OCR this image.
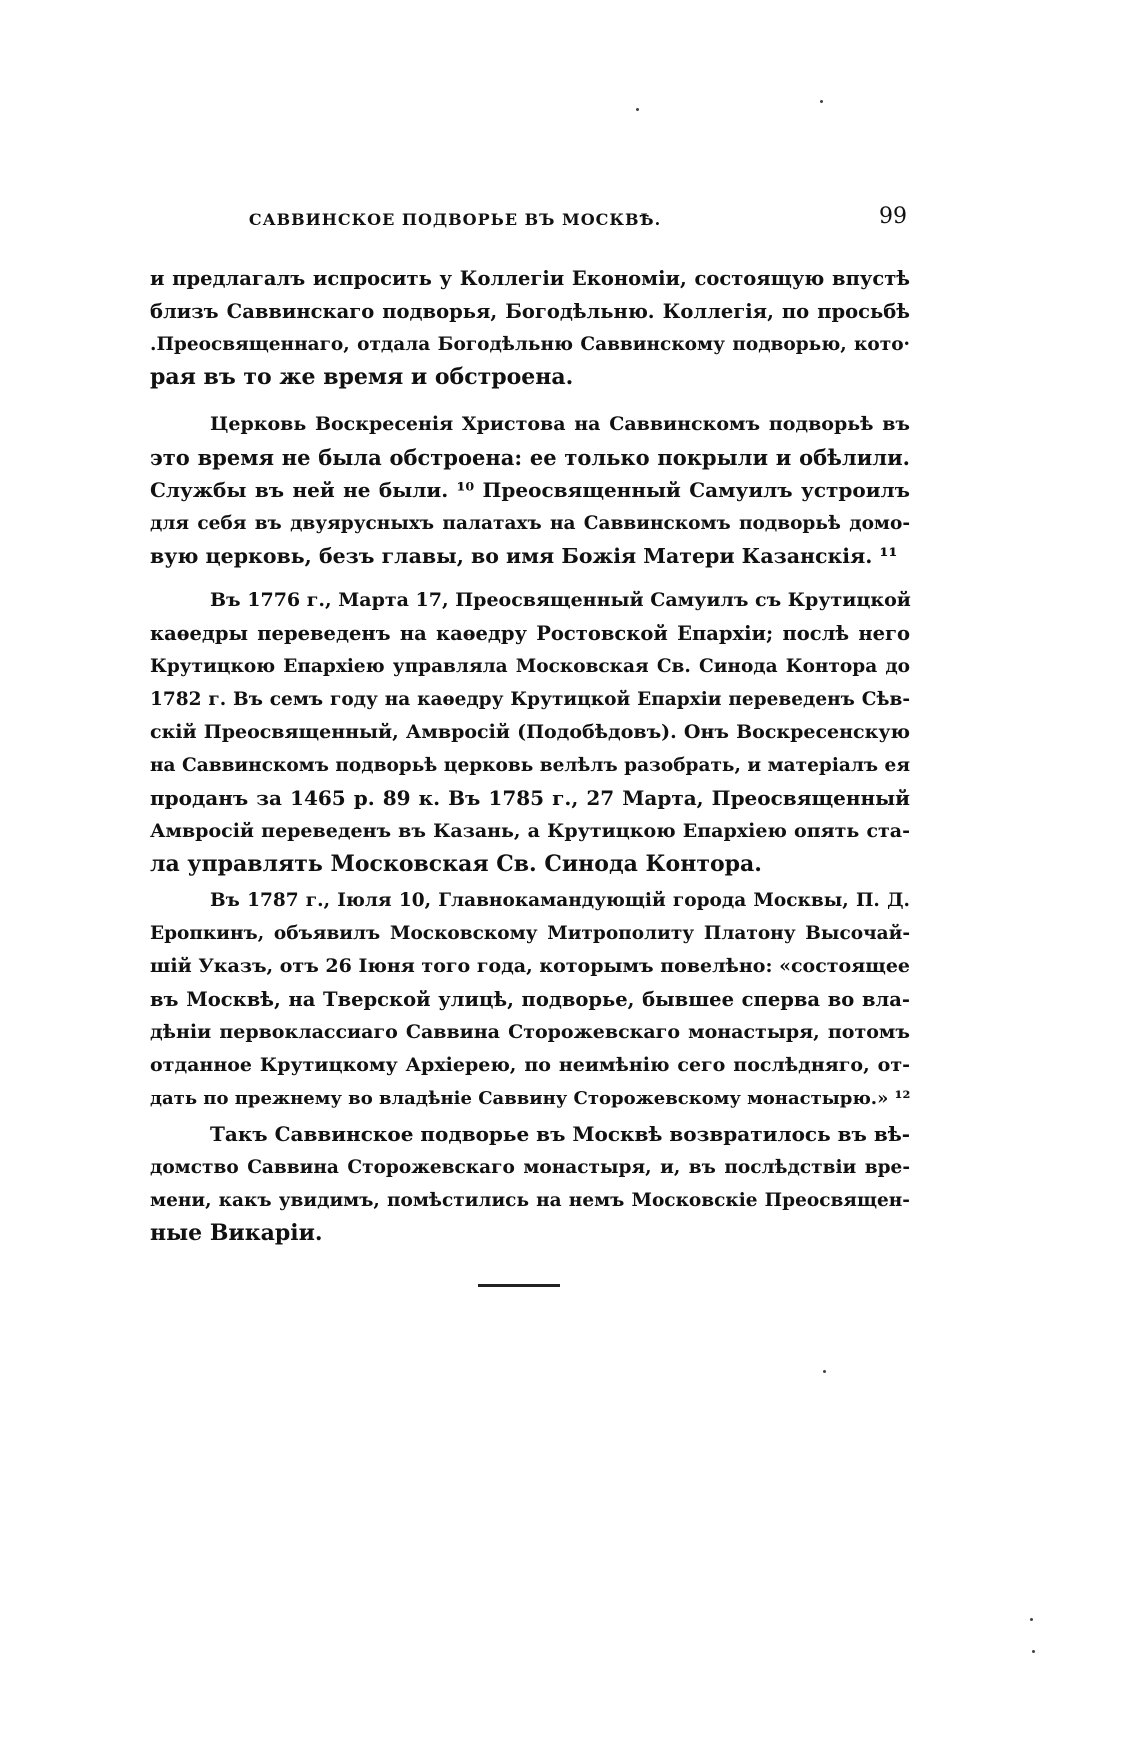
САВВИНСКОЕ ПОДВОРЬЕ ВЪ МОСКВѢ.	99
и предлагалъ испросить у Коллегіи Економіи, состоящую впустѣ
близъ Саввинскаго подворья, Богодѣльню. Коллегія, по просьбѣ
.Преосвященнаго, отдала Богодѣльню Саввинскому подворью, кото·
рая въ то же время и обстроена.
Церковь Воскресенія Христова на Саввинскомъ подворьѣ въ
это время не была обстроена: ее только покрыли и обѣлили.
Службы въ ней не были. ¹⁰ Преосвященный Самуилъ устроилъ
для себя въ двуярусныхъ палатахъ на Саввинскомъ подворьѣ домо-
вую церковь, безъ главы, во имя Божія Матери Казанскія. ¹¹
Въ 1776 г., Марта 17, Преосвященный Самуилъ съ Крутицкой
каѳедры переведенъ на каѳедру Ростовской Епархіи; послѣ него
Крутицкою Епархіею управляла Московская Св. Синода Контора до
1782 г. Въ семъ году на каѳедру Крутицкой Епархіи переведенъ Сѣв-
скій Преосвященный, Амвросій (Подобѣдовъ). Онъ Воскресенскую
на Саввинскомъ подворьѣ церковь велѣлъ разобрать, и матеріалъ ея
проданъ за 1465 р. 89 к. Въ 1785 г., 27 Марта, Преосвященный
Амвросій переведенъ въ Казань, а Крутицкою Епархіею опять ста-
ла управлять Московская Св. Синода Контора.
Въ 1787 г., Іюля 10, Главнокамандующій города Москвы, П. Д.
Еропкинъ, объявилъ Московскому Митрополиту Платону Высочай-
шій Указъ, отъ 26 Іюня того года, которымъ повелѣно: «состоящее
въ Москвѣ, на Тверской улицѣ, подворье, бывшее сперва во вла-
дѣніи первоклассиаго Саввина Сторожевскаго монастыря, потомъ
отданное Крутицкому Архіерею, по неимѣнію сего послѣдняго, от-
дать по прежнему во владѣніе Саввину Сторожевскому монастырю.» ¹²
Такъ Саввинское подворье въ Москвѣ возвратилось въ вѣ-
домство Саввина Сторожевскаго монастыря, и, въ послѣдствіи вре-
мени, какъ увидимъ, помѣстились на немъ Московскіе Преосвящен-
ные Викаріи.
